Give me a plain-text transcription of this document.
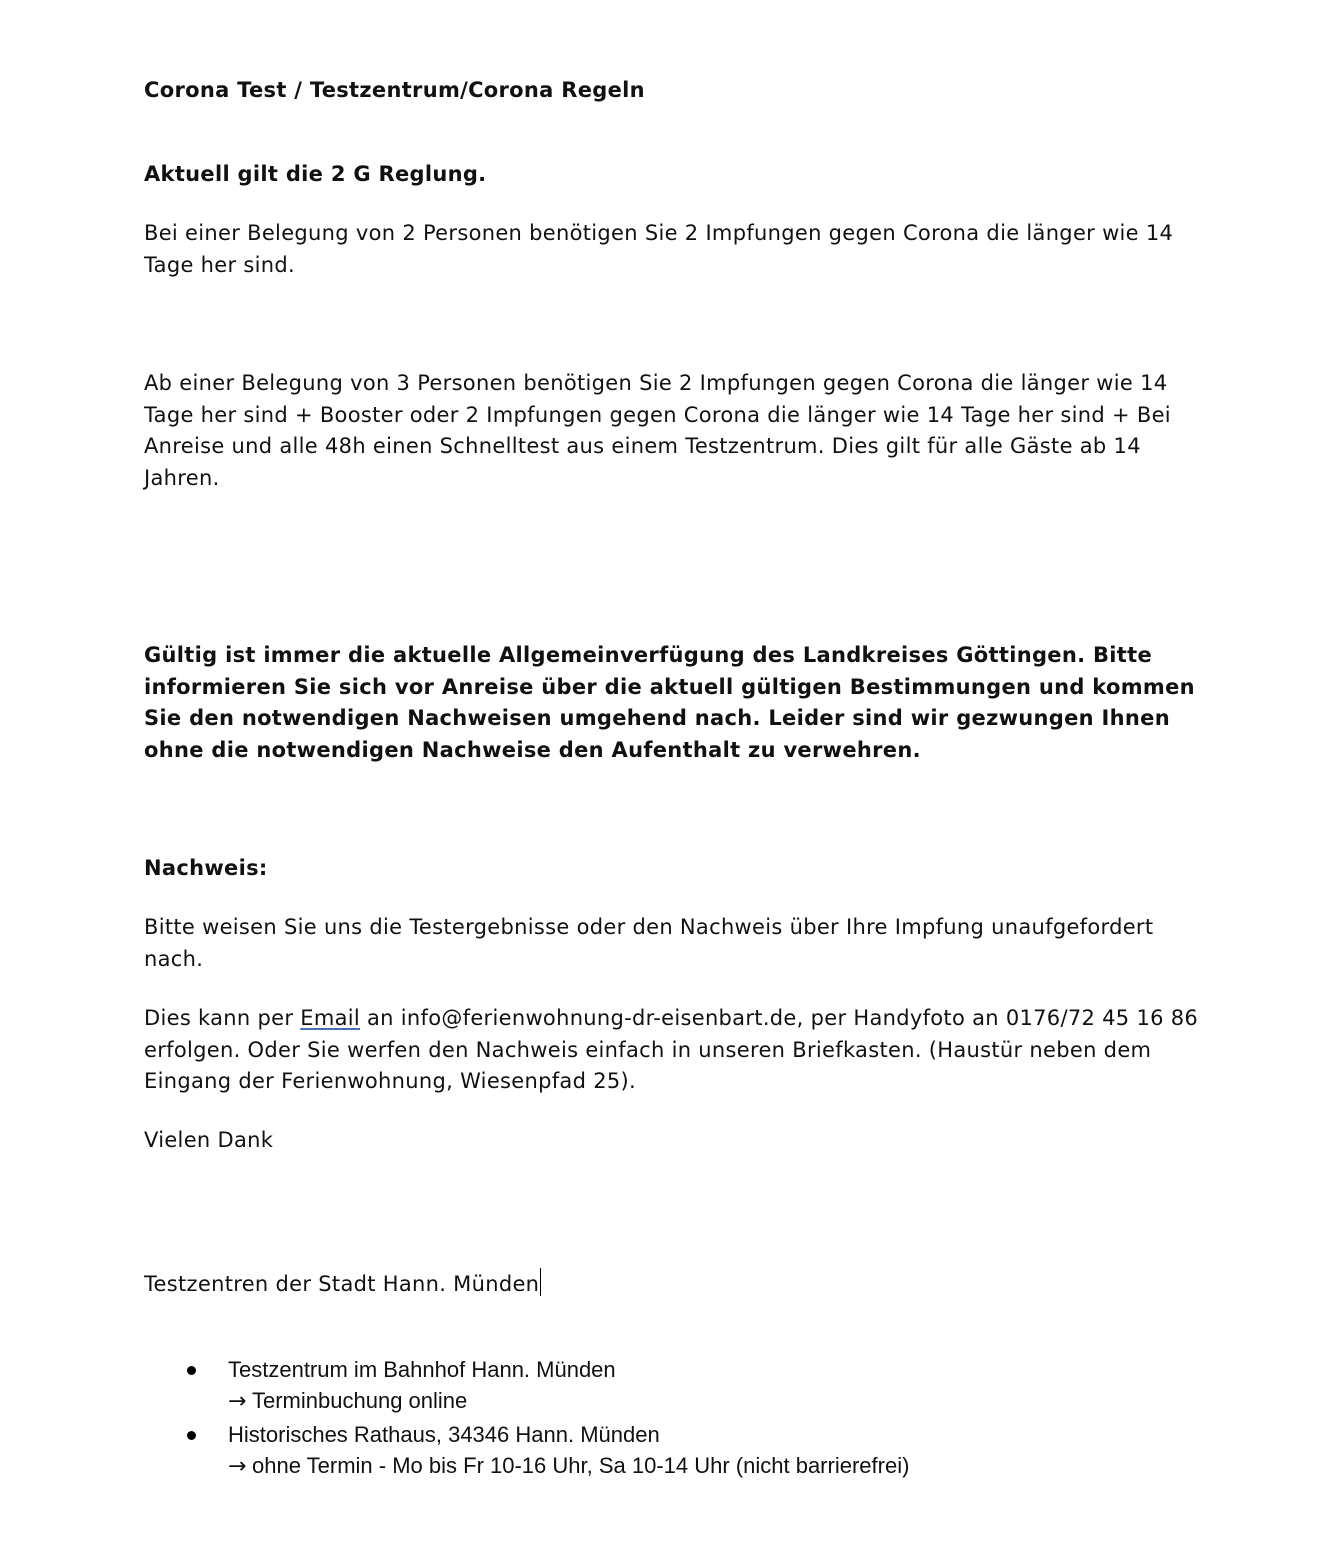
Corona Test / Testzentrum/Corona Regeln

Aktuell gilt die 2 G Reglung.

Bei einer Belegung von 2 Personen benötigen Sie 2 Impfungen gegen Corona die länger wie 14 Tage her sind.

Ab einer Belegung von 3 Personen benötigen Sie 2 Impfungen gegen Corona die länger wie 14 Tage her sind + Booster oder 2 Impfungen gegen Corona die länger wie 14 Tage her sind + Bei Anreise und alle 48h einen Schnelltest aus einem Testzentrum. Dies gilt für alle Gäste ab 14 Jahren.

Gültig ist immer die aktuelle Allgemeinverfügung des Landkreises Göttingen. Bitte informieren Sie sich vor Anreise über die aktuell gültigen Bestimmungen und kommen Sie den notwendigen Nachweisen umgehend nach. Leider sind wir gezwungen Ihnen ohne die notwendigen Nachweise den Aufenthalt zu verwehren.

Nachweis:

Bitte weisen Sie uns die Testergebnisse oder den Nachweis über Ihre Impfung unaufgefordert nach.

Dies kann per Email an info@ferienwohnung-dr-eisenbart.de, per Handyfoto an 0176/72 45 16 86 erfolgen. Oder Sie werfen den Nachweis einfach in unseren Briefkasten. (Haustür neben dem Eingang der Ferienwohnung, Wiesenpfad 25).

Vielen Dank

Testzentren der Stadt Hann. Münden

Testzentrum im Bahnhof Hann. Münden
→ Terminbuchung online
Historisches Rathaus, 34346 Hann. Münden
→ ohne Termin - Mo bis Fr 10-16 Uhr, Sa 10-14 Uhr (nicht barrierefrei)
